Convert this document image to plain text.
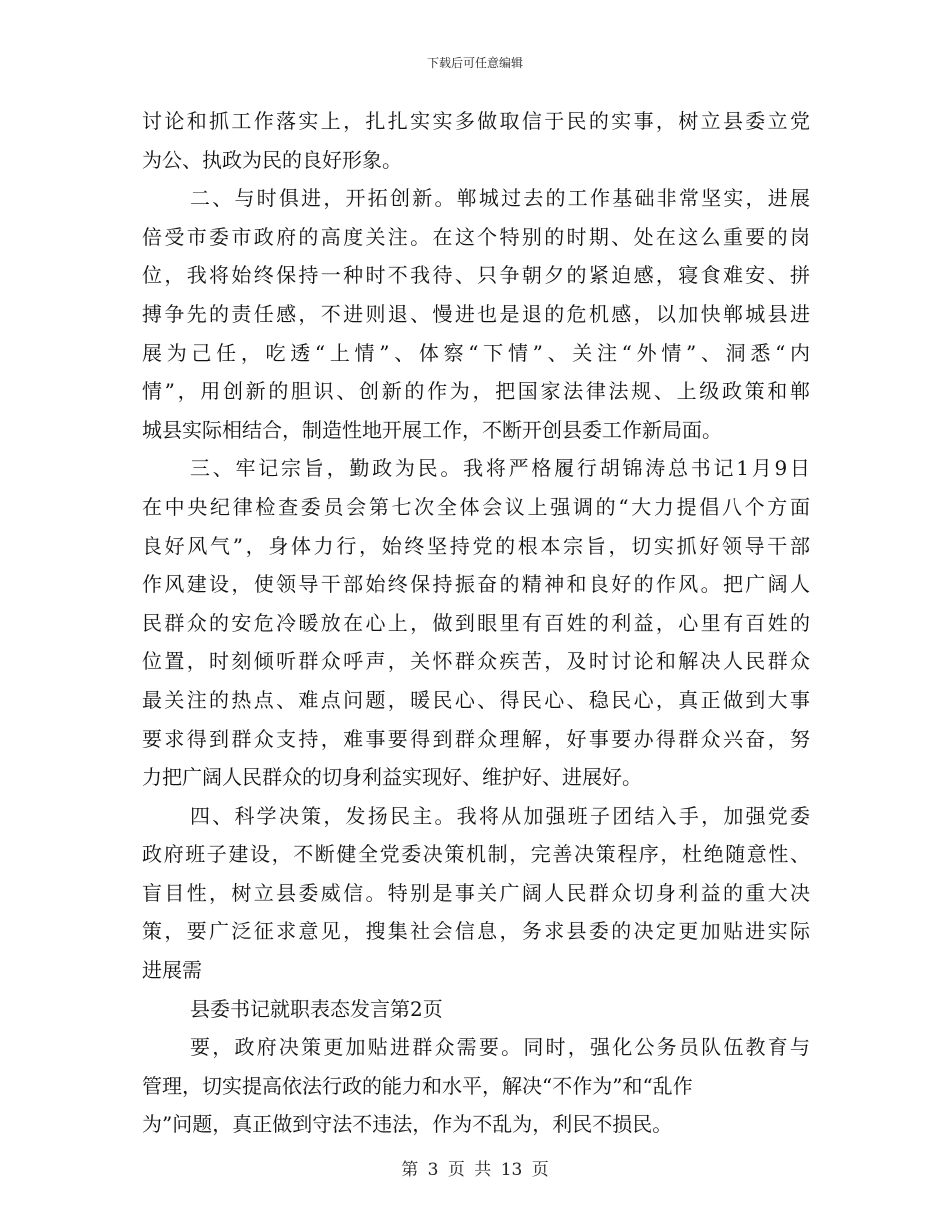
下载后可任意编辑
讨论和抓工作落实上，扎扎实实多做取信于民的实事，树立县委立党
为公、执政为民的良好形象。
二、与时俱进，开拓创新。郸城过去的工作基础非常坚实，进展
倍受市委市政府的高度关注。在这个特别的时期、处在这么重要的岗
位，我将始终保持一种时不我待、只争朝夕的紧迫感，寝食难安、拼
搏争先的责任感，不进则退、慢进也是退的危机感，以加快郸城县进
展为己任，吃透“上情”、体察“下情”、关注“外情”、洞悉“内
情”，用创新的胆识、创新的作为，把国家法律法规、上级政策和郸
城县实际相结合，制造性地开展工作，不断开创县委工作新局面。
三、牢记宗旨，勤政为民。我将严格履行胡锦涛总书记1月9日
在中央纪律检查委员会第七次全体会议上强调的“大力提倡八个方面
良好风气”，身体力行，始终坚持党的根本宗旨，切实抓好领导干部
作风建设，使领导干部始终保持振奋的精神和良好的作风。把广阔人
民群众的安危冷暖放在心上，做到眼里有百姓的利益，心里有百姓的
位置，时刻倾听群众呼声，关怀群众疾苦，及时讨论和解决人民群众
最关注的热点、难点问题，暖民心、得民心、稳民心，真正做到大事
要求得到群众支持，难事要得到群众理解，好事要办得群众兴奋，努
力把广阔人民群众的切身利益实现好、维护好、进展好。
四、科学决策，发扬民主。我将从加强班子团结入手，加强党委
政府班子建设，不断健全党委决策机制，完善决策程序，杜绝随意性、
盲目性，树立县委威信。特别是事关广阔人民群众切身利益的重大决
策，要广泛征求意见，搜集社会信息，务求县委的决定更加贴进实际
进展需
县委书记就职表态发言第2页
要，政府决策更加贴进群众需要。同时，强化公务员队伍教育与
管理，切实提高依法行政的能力和水平，解决“不作为”和“乱作
为”问题，真正做到守法不违法，作为不乱为，利民不损民。
第 3 页 共 13 页
